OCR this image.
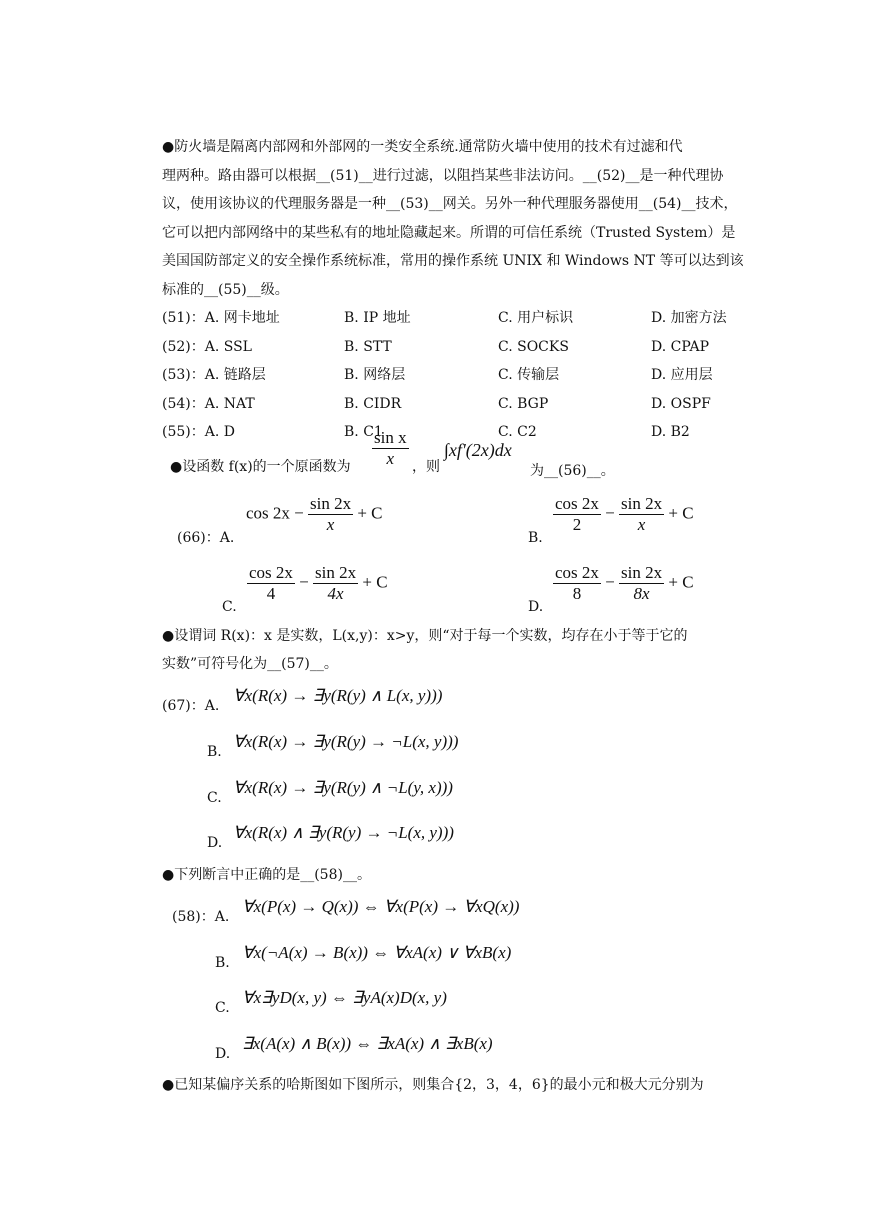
●防火墙是隔离内部网和外部网的一类安全系统.通常防火墙中使用的技术有过滤和代
理两种。路由器可以根据__(51)__进行过滤，以阻挡某些非法访问。__(52)__是一种代理协
议，使用该协议的代理服务器是一种__(53)__网关。另外一种代理服务器使用__(54)__技术，
它可以把内部网络中的某些私有的地址隐藏起来。所谓的可信任系统（Trusted System）是
美国国防部定义的安全操作系统标准，常用的操作系统 UNIX 和 Windows NT 等可以达到该
标准的__(55)__级。
(51)：A. 网卡地址	B. IP 地址	C. 用户标识	D. 加密方法
(52)：A. SSL	B. STT	C. SOCKS	D. CPAP
(53)：A. 链路层	B. 网络层	C. 传输层	D. 应用层
(54)：A. NAT	B. CIDR	C. BGP	D. OSPF
(55)：A. D	B. C1	C. C2	D. B2
●设函数 f(x)的一个原函数为 $\frac{\text{sin x}}{x}$ ，则
∫xf'(2x)dx
为__(56)__。
(66)：A.
$\cos 2x - \frac{\sin 2x}{x} + C$
B.
$\frac{\cos 2x}{2} - \frac{\sin 2x}{x} + C$
C.
$\frac{\cos 2x}{4} - \frac{\sin 2x}{4x} + C$
D.
$\frac{\cos 2x}{8} - \frac{\sin 2x}{8x} + C$
●设谓词 R(x)：x 是实数，L(x,y)：x>y，则“对于每一个实数，均存在小于等于它的
实数”可符号化为__(57)__。
(67)：A.
∀x(R(x) → ∃y(R(y) ∧ L(x, y)))
B.
∀x(R(x) → ∃y(R(y) → ¬L(x, y)))
C.
∀x(R(x) → ∃y(R(y) ∧ ¬L(y, x)))
D.
∀x(R(x) ∧ ∃y(R(y) → ¬L(x, y)))
●下列断言中正确的是__(58)__。
(58)：A.
∀x(P(x) → Q(x)) ⇔ ∀x(P(x) → ∀xQ(x))
B.
∀x(¬A(x) → B(x)) ⇔ ∀xA(x) ∨ ∀xB(x)
C.
∀x∃yD(x, y) ⇔ ∃yA(x)D(x, y)
D.
∃x(A(x) ∧ B(x)) ⇔ ∃xA(x) ∧ ∃xB(x)
●已知某偏序关系的哈斯图如下图所示，则集合{2，3，4，6}的最小元和极大元分别为
